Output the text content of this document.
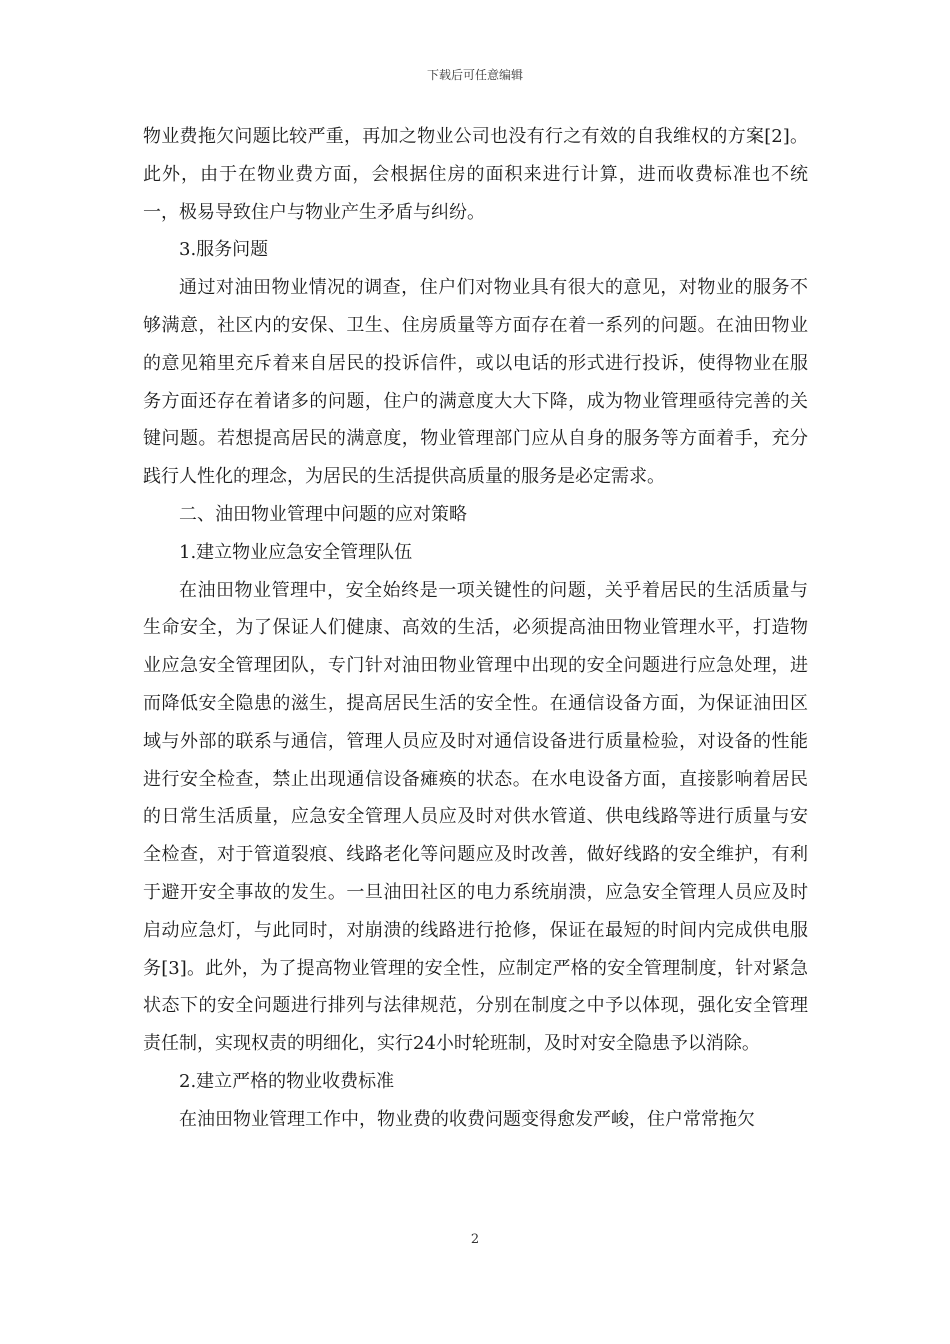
下载后可任意编辑

物业费拖欠问题比较严重，再加之物业公司也没有行之有效的自我维权的方案[2]。此外，由于在物业费方面，会根据住房的面积来进行计算，进而收费标准也不统一，极易导致住户与物业产生矛盾与纠纷。

3.服务问题

通过对油田物业情况的调查，住户们对物业具有很大的意见，对物业的服务不够满意，社区内的安保、卫生、住房质量等方面存在着一系列的问题。在油田物业的意见箱里充斥着来自居民的投诉信件，或以电话的形式进行投诉，使得物业在服务方面还存在着诸多的问题，住户的满意度大大下降，成为物业管理亟待完善的关键问题。若想提高居民的满意度，物业管理部门应从自身的服务等方面着手，充分践行人性化的理念，为居民的生活提供高质量的服务是必定需求。

二、油田物业管理中问题的应对策略

1.建立物业应急安全管理队伍

在油田物业管理中，安全始终是一项关键性的问题，关乎着居民的生活质量与生命安全，为了保证人们健康、高效的生活，必须提高油田物业管理水平，打造物业应急安全管理团队，专门针对油田物业管理中出现的安全问题进行应急处理，进而降低安全隐患的滋生，提高居民生活的安全性。在通信设备方面，为保证油田区域与外部的联系与通信，管理人员应及时对通信设备进行质量检验，对设备的性能进行安全检查，禁止出现通信设备瘫痪的状态。在水电设备方面，直接影响着居民的日常生活质量，应急安全管理人员应及时对供水管道、供电线路等进行质量与安全检查，对于管道裂痕、线路老化等问题应及时改善，做好线路的安全维护，有利于避开安全事故的发生。一旦油田社区的电力系统崩溃，应急安全管理人员应及时启动应急灯，与此同时，对崩溃的线路进行抢修，保证在最短的时间内完成供电服务[3]。此外，为了提高物业管理的安全性，应制定严格的安全管理制度，针对紧急状态下的安全问题进行排列与法律规范，分别在制度之中予以体现，强化安全管理责任制，实现权责的明细化，实行24小时轮班制，及时对安全隐患予以消除。

2.建立严格的物业收费标准

在油田物业管理工作中，物业费的收费问题变得愈发严峻，住户常常拖欠

2
